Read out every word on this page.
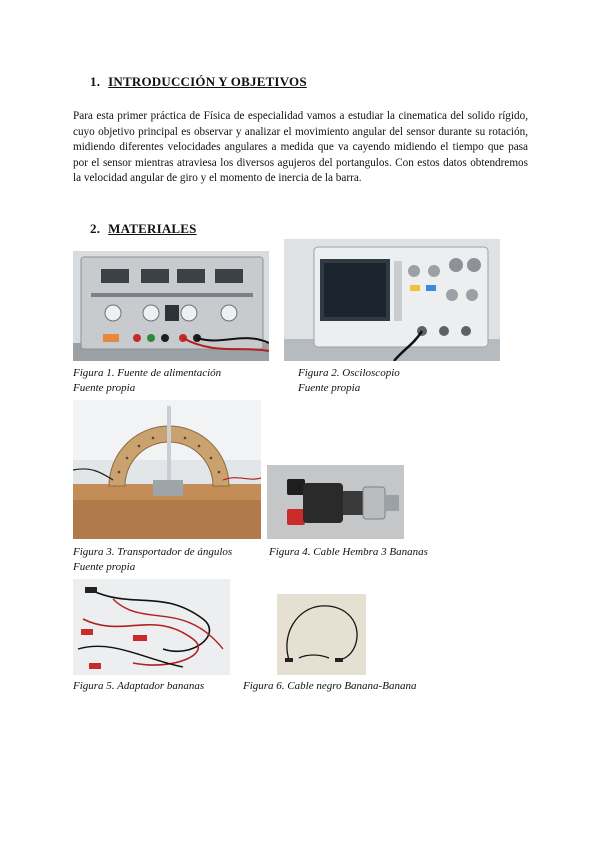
1. INTRODUCCIÓN Y OBJETIVOS

Para esta primer práctica de Física de especialidad vamos a estudiar la cinematica del solido rígido, cuyo objetivo principal es observar y analizar el movimiento angular del sensor durante su rotación, midiendo diferentes velocidades angulares a medida que va cayendo midiendo el tiempo que pasa por el sensor mientras atraviesa los diversos agujeros del portangulos. Con estos datos obtendremos la velocidad angular de giro y el momento de inercia de la barra.

2. MATERIALES
Figura 1. Fuente de alimentación
Fuente propia
Figura 2. Osciloscopio
Fuente propia
Figura 3. Transportador de ángulos
Fuente propia
Figura 4. Cable Hembra 3 Bananas
Figura 5. Adaptador bananas	Figura 6. Cable negro Banana-Banana
